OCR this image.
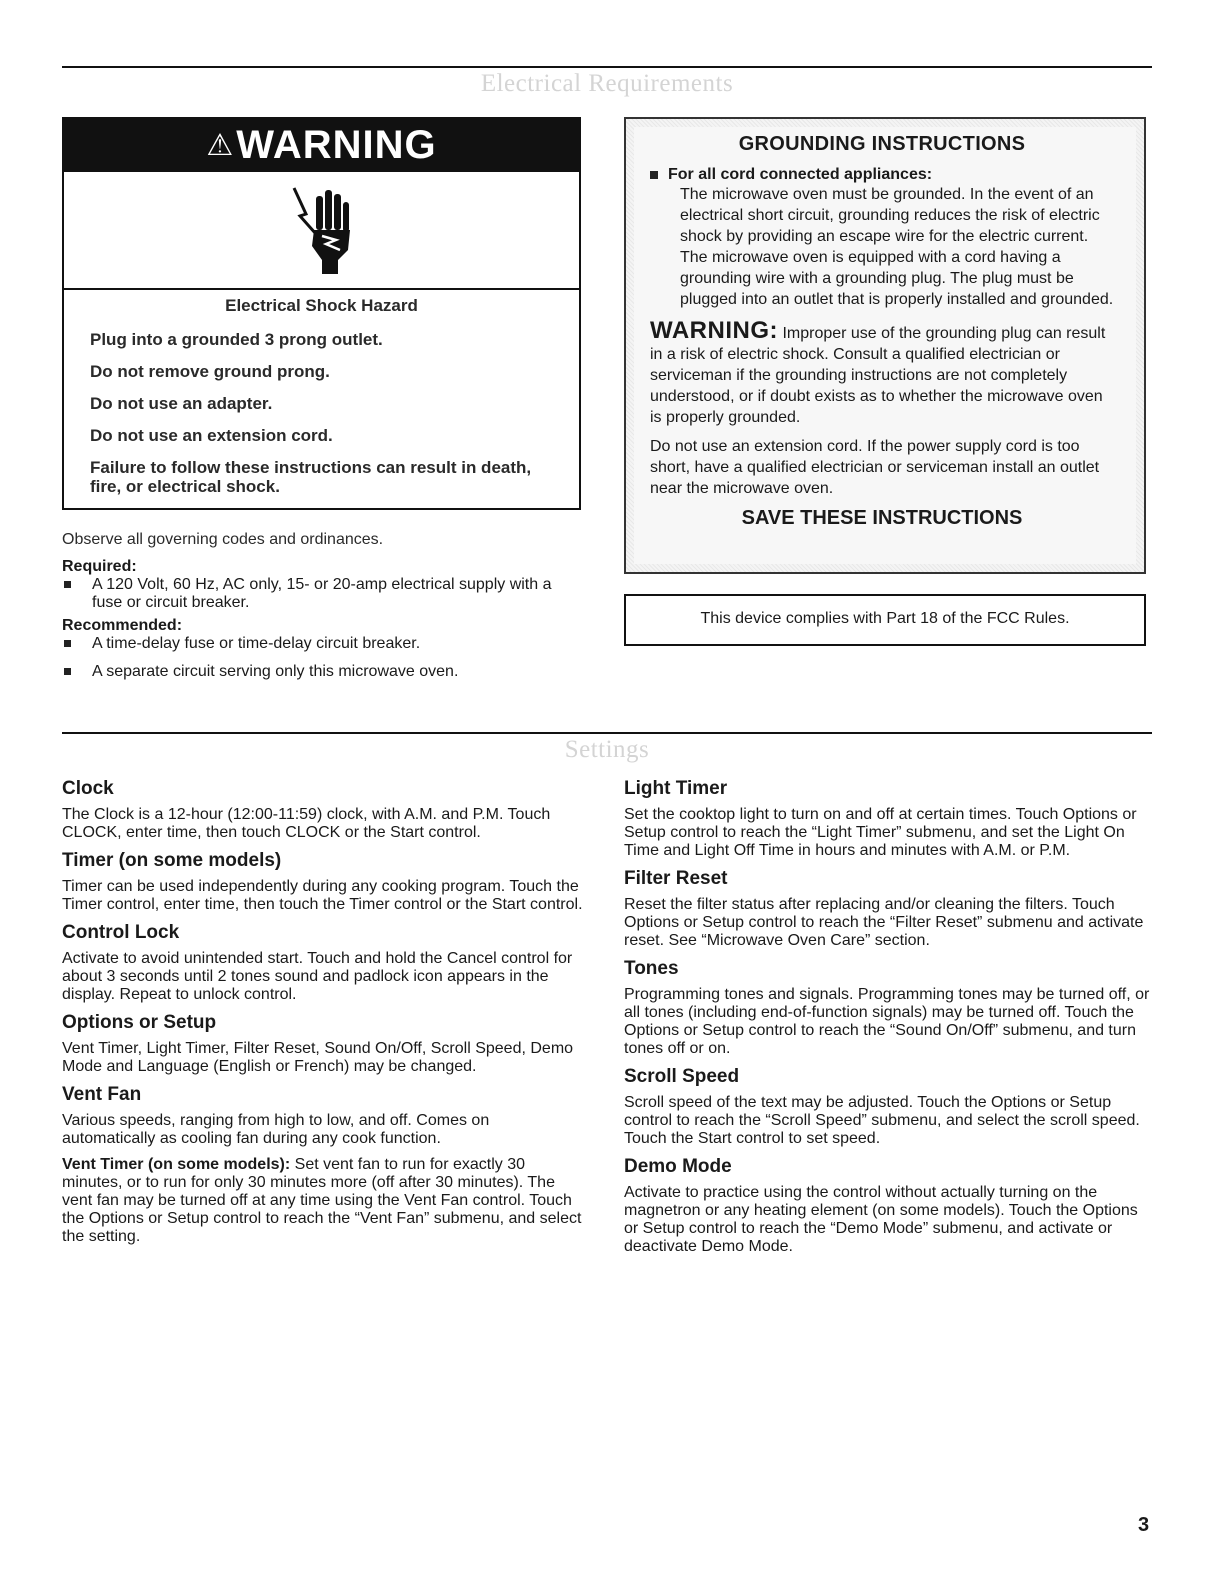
Electrical Requirements
⚠ WARNING
Electrical Shock Hazard
Plug into a grounded 3 prong outlet.
Do not remove ground prong.
Do not use an adapter.
Do not use an extension cord.
Failure to follow these instructions can result in death, fire, or electrical shock.
Observe all governing codes and ordinances.
Required:
A 120 Volt, 60 Hz, AC only, 15- or 20-amp electrical supply with a fuse or circuit breaker.
Recommended:
A time-delay fuse or time-delay circuit breaker.
A separate circuit serving only this microwave oven.
GROUNDING INSTRUCTIONS
For all cord connected appliances:
The microwave oven must be grounded. In the event of an electrical short circuit, grounding reduces the risk of electric shock by providing an escape wire for the electric current. The microwave oven is equipped with a cord having a grounding wire with a grounding plug. The plug must be plugged into an outlet that is properly installed and grounded.
WARNING: Improper use of the grounding plug can result in a risk of electric shock. Consult a qualified electrician or serviceman if the grounding instructions are not completely understood, or if doubt exists as to whether the microwave oven is properly grounded.
Do not use an extension cord. If the power supply cord is too short, have a qualified electrician or serviceman install an outlet near the microwave oven.
SAVE THESE INSTRUCTIONS
This device complies with Part 18 of the FCC Rules.
Settings
Clock
The Clock is a 12-hour (12:00-11:59) clock, with A.M. and P.M. Touch CLOCK, enter time, then touch CLOCK or the Start control.
Timer (on some models)
Timer can be used independently during any cooking program. Touch the Timer control, enter time, then touch the Timer control or the Start control.
Control Lock
Activate to avoid unintended start. Touch and hold the Cancel control for about 3 seconds until 2 tones sound and padlock icon appears in the display. Repeat to unlock control.
Options or Setup
Vent Timer, Light Timer, Filter Reset, Sound On/Off, Scroll Speed, Demo Mode and Language (English or French) may be changed.
Vent Fan
Various speeds, ranging from high to low, and off. Comes on automatically as cooling fan during any cook function.
Vent Timer (on some models): Set vent fan to run for exactly 30 minutes, or to run for only 30 minutes more (off after 30 minutes). The vent fan may be turned off at any time using the Vent Fan control. Touch the Options or Setup control to reach the “Vent Fan” submenu, and select the setting.
Light Timer
Set the cooktop light to turn on and off at certain times. Touch Options or Setup control to reach the “Light Timer” submenu, and set the Light On Time and Light Off Time in hours and minutes with A.M. or P.M.
Filter Reset
Reset the filter status after replacing and/or cleaning the filters. Touch Options or Setup control to reach the “Filter Reset” submenu and activate reset. See “Microwave Oven Care” section.
Tones
Programming tones and signals. Programming tones may be turned off, or all tones (including end-of-function signals) may be turned off. Touch the Options or Setup control to reach the “Sound On/Off” submenu, and turn tones off or on.
Scroll Speed
Scroll speed of the text may be adjusted. Touch the Options or Setup control to reach the “Scroll Speed” submenu, and select the scroll speed. Touch the Start control to set speed.
Demo Mode
Activate to practice using the control without actually turning on the magnetron or any heating element (on some models). Touch the Options or Setup control to reach the “Demo Mode” submenu, and activate or deactivate Demo Mode.
3
